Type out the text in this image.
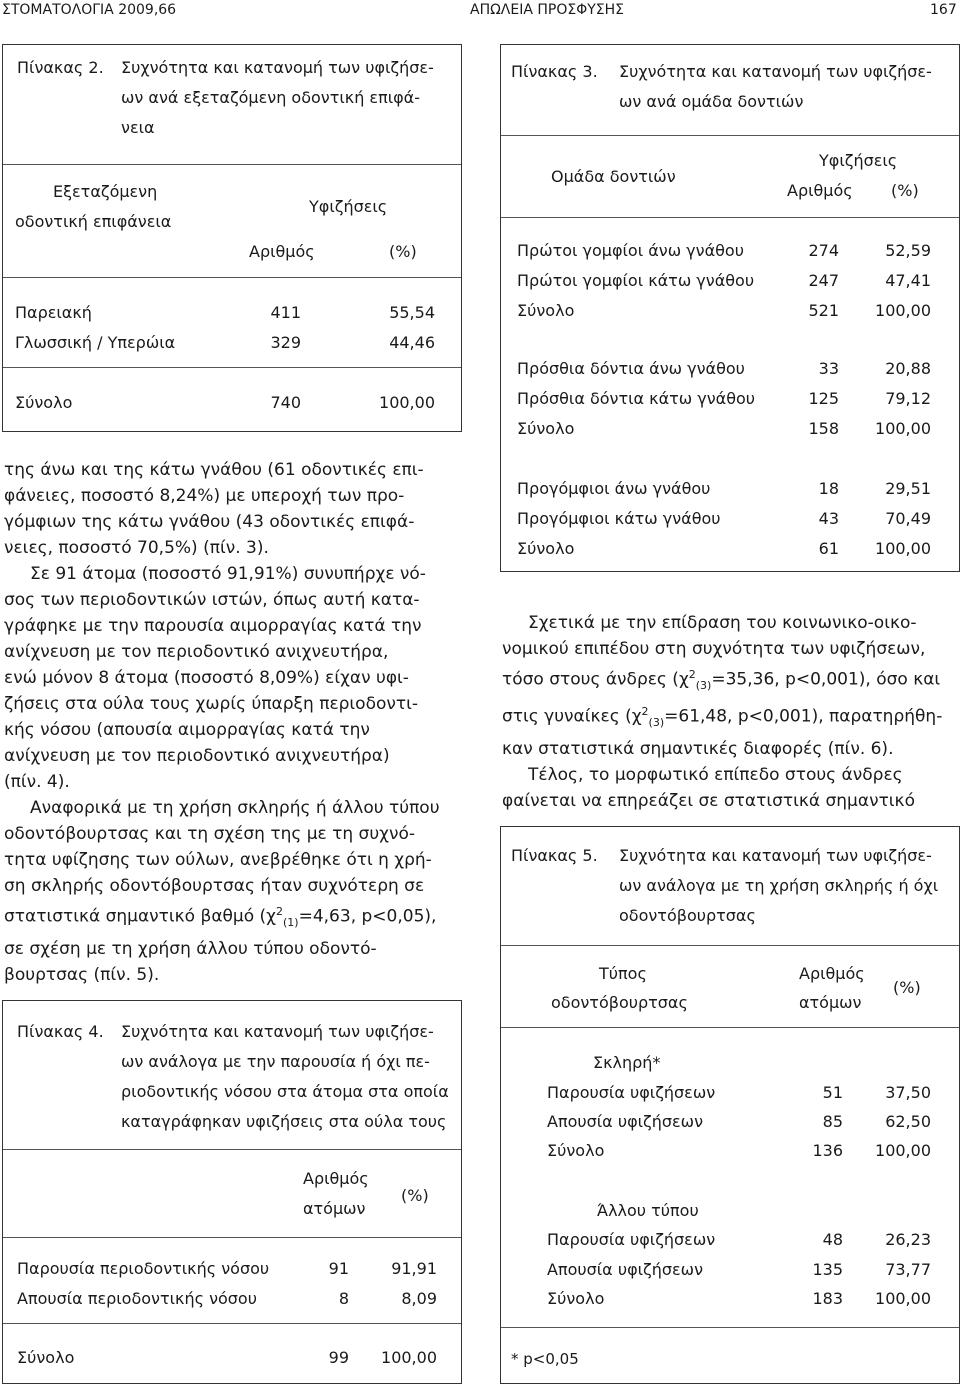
ΣΤΟΜΑΤΟΛΟΓΙΑ 2009,66	ΑΠΩΛΕΙΑ ΠΡΟΣΦΥΣΗΣ	167
Πίνακας 2. Συχνότητα και κατανομή των υφιζήσε-
ων ανά εξεταζόμενη οδοντική επιφά-
νεια
Εξεταζόμενη
οδοντική επιφάνεια
Υφιζήσεις
Αριθμός	(%)
Παρειακή	411	55,54
Γλωσσική / Υπερώια	329	44,46
Σύνολο	740	100,00
Πίνακας 3. Συχνότητα και κατανομή των υφιζήσε-
ων ανά ομάδα δοντιών
Ομάδα δοντιών
Υφιζήσεις
Αριθμός (%)
Πρώτοι γομφίοι άνω γνάθου	274	52,59
Πρώτοι γομφίοι κάτω γνάθου	247	47,41
Σύνολο	521	100,00
Πρόσθια δόντια άνω γνάθου	33	20,88
Πρόσθια δόντια κάτω γνάθου	125	79,12
Σύνολο	158	100,00
Προγόμφιοι άνω γνάθου	18	29,51
Προγόμφιοι κάτω γνάθου	43	70,49
Σύνολο	61	100,00

της άνω και της κάτω γνάθου (61 οδοντικές επι-
φάνειες, ποσοστό 8,24%) με υπεροχή των προ-
γόμφιων της κάτω γνάθου (43 οδοντικές επιφά-
νειες, ποσοστό 70,5%) (πίν. 3).

Σε 91 άτομα (ποσοστό 91,91%) συνυπήρχε νό-
σος των περιοδοντικών ιστών, όπως αυτή κατα-
γράφηκε με την παρουσία αιμορραγίας κατά την
ανίχνευση με τον περιοδοντικό ανιχνευτήρα,
ενώ μόνον 8 άτομα (ποσοστό 8,09%) είχαν υφι-
ζήσεις στα ούλα τους χωρίς ύπαρξη περιοδοντι-
κής νόσου (απουσία αιμορραγίας κατά την
ανίχνευση με τον περιοδοντικό ανιχνευτήρα)
(πίν. 4).

Αναφορικά με τη χρήση σκληρής ή άλλου τύπου
οδοντόβουρτσας και τη σχέση της με τη συχνό-
τητα υφίζησης των ούλων, ανεβρέθηκε ότι η χρή-
ση σκληρής οδοντόβουρτσας ήταν συχνότερη σε
στατιστικά σημαντικό βαθμό ($\chi^2_{(1)}=4,63$, p<0,05),
σε σχέση με τη χρήση άλλου τύπου οδοντό-
βουρτσας (πίν. 5).

Σχετικά με την επίδραση του κοινωνικο-οικο-
νομικού επιπέδου στη συχνότητα των υφιζήσεων,
τόσο στους άνδρες ($\chi^2_{(3)}=35,36$, p<0,001), όσο και
στις γυναίκες ($\chi^2_{(3)}=61,48$, p<0,001), παρατηρήθη-
καν στατιστικά σημαντικές διαφορές (πίν. 6).

Τέλος, το μορφωτικό επίπεδο στους άνδρες
φαίνεται να επηρεάζει σε στατιστικά σημαντικό

Πίνακας 4. Συχνότητα και κατανομή των υφιζήσε-
ων ανάλογα με την παρουσία ή όχι πε-
ριοδοντικής νόσου στα άτομα στα οποία
καταγράφηκαν υφιζήσεις στα ούλα τους
Αριθμός
ατόμων
(%)
Παρουσία περιοδοντικής νόσου	91	91,91
Απουσία περιοδοντικής νόσου	8	8,09
Σύνολο	99	100,00
Πίνακας 5. Συχνότητα και κατανομή των υφιζήσε-
ων ανάλογα με τη χρήση σκληρής ή όχι
οδοντόβουρτσας
Τύπος
οδοντόβουρτσας
Αριθμός
ατόμων
(%)
Σκληρή*
Παρουσία υφιζήσεων	51	37,50
Απουσία υφιζήσεων	85	62,50
Σύνολο	136	100,00
Άλλου τύπου
Παρουσία υφιζήσεων	48	26,23
Απουσία υφιζήσεων	135	73,77
Σύνολο	183	100,00
* p<0,05
